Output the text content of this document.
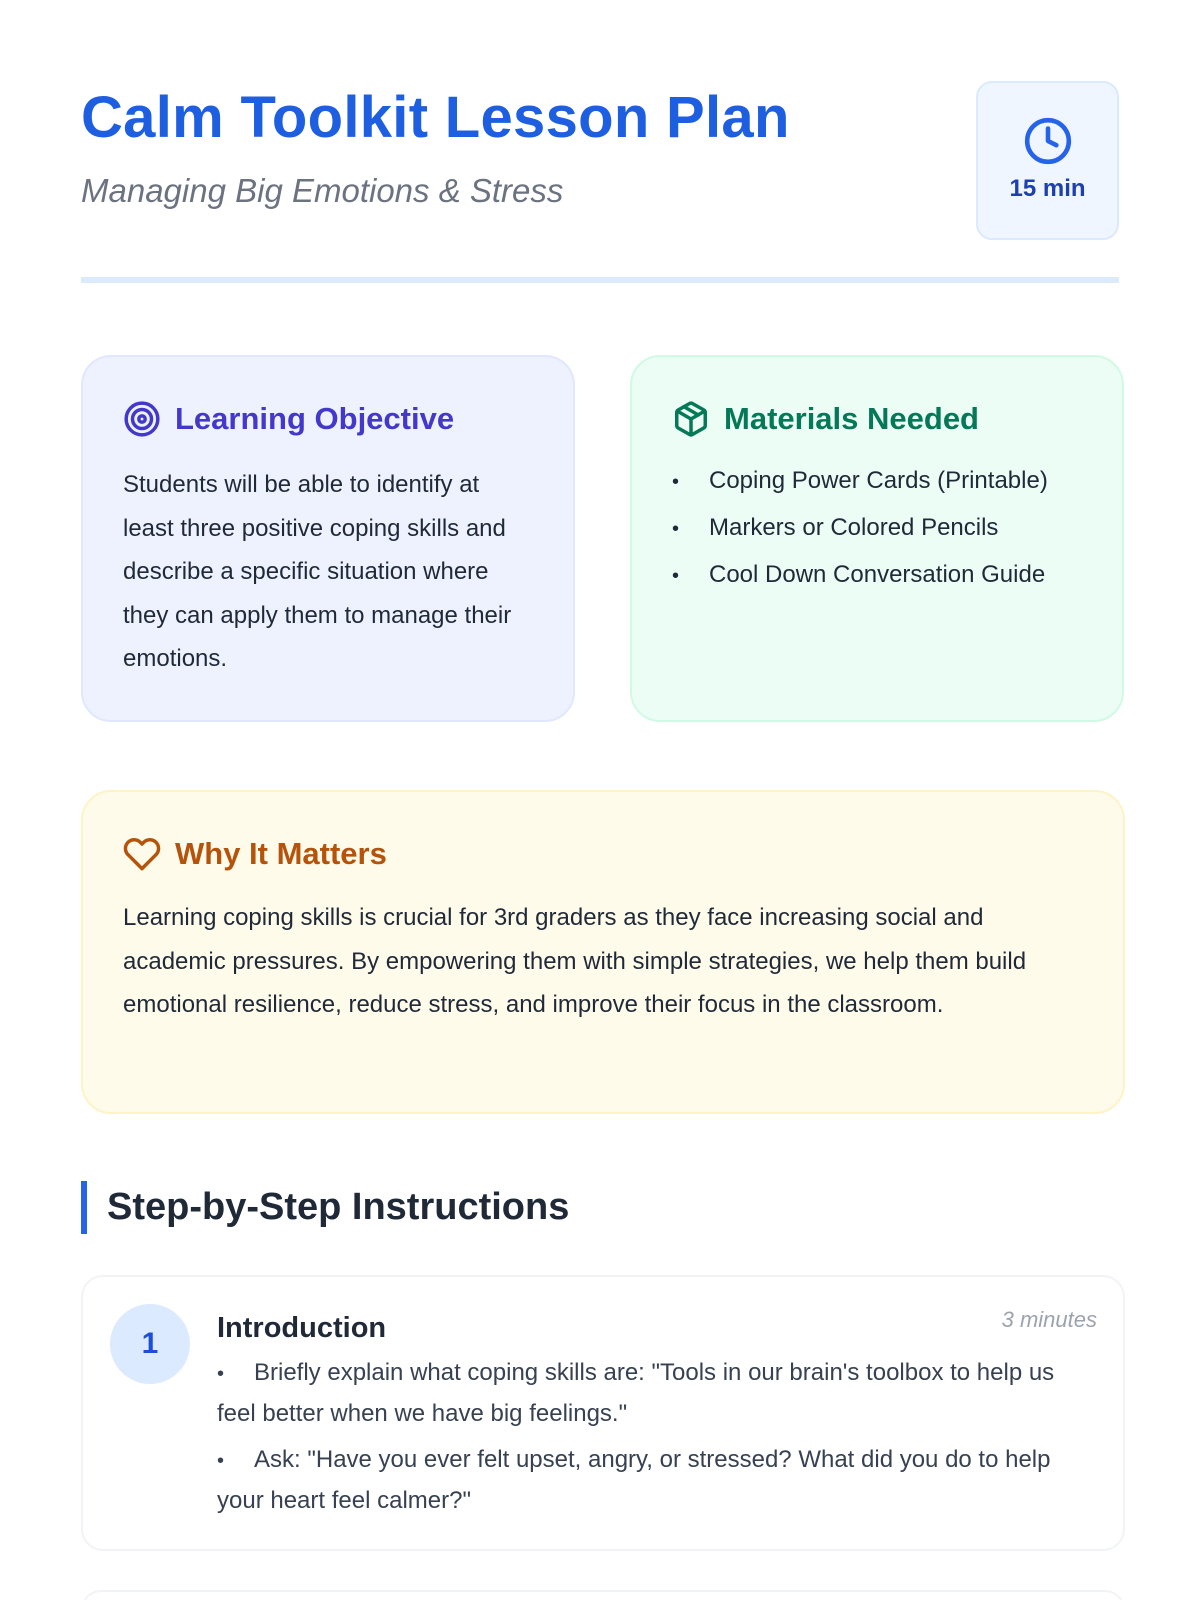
Calm Toolkit Lesson Plan
Managing Big Emotions & Stress	15 min
Learning Objective

Students will be able to identify at least three positive coping skills and describe a specific situation where they can apply them to manage their emotions.

Materials Needed
• Coping Power Cards (Printable)
• Markers or Colored Pencils
• Cool Down Conversation Guide
Why It Matters

Learning coping skills is crucial for 3rd graders as they face increasing social and academic pressures. By empowering them with simple strategies, we help them build emotional resilience, reduce stress, and improve their focus in the classroom.

Step-by-Step Instructions
1	Introduction	3 minutes
• Briefly explain what coping skills are: "Tools in our brain's toolbox to help us feel better when we have big feelings."
• Ask: "Have you ever felt upset, angry, or stressed? What did you do to help your heart feel calmer?"
